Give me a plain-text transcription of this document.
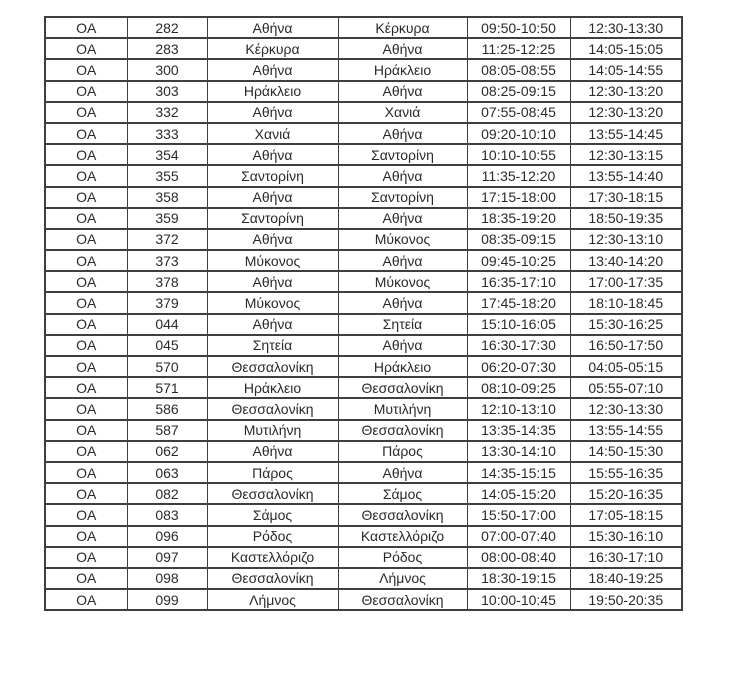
OA	282	Αθήνα	Κέρκυρα	09:50-10:50	12:30-13:30
OA	283	Κέρκυρα	Αθήνα	11:25-12:25	14:05-15:05
OA	300	Αθήνα	Ηράκλειο	08:05-08:55	14:05-14:55
OA	303	Ηράκλειο	Αθήνα	08:25-09:15	12:30-13:20
OA	332	Αθήνα	Χανιά	07:55-08:45	12:30-13:20
OA	333	Χανιά	Αθήνα	09:20-10:10	13:55-14:45
OA	354	Αθήνα	Σαντορίνη	10:10-10:55	12:30-13:15
OA	355	Σαντορίνη	Αθήνα	11:35-12:20	13:55-14:40
OA	358	Αθήνα	Σαντορίνη	17:15-18:00	17:30-18:15
OA	359	Σαντορίνη	Αθήνα	18:35-19:20	18:50-19:35
OA	372	Αθήνα	Μύκονος	08:35-09:15	12:30-13:10
OA	373	Μύκονος	Αθήνα	09:45-10:25	13:40-14:20
OA	378	Αθήνα	Μύκονος	16:35-17:10	17:00-17:35
OA	379	Μύκονος	Αθήνα	17:45-18:20	18:10-18:45
OA	044	Αθήνα	Σητεία	15:10-16:05	15:30-16:25
OA	045	Σητεία	Αθήνα	16:30-17:30	16:50-17:50
OA	570	Θεσσαλονίκη	Ηράκλειο	06:20-07:30	04:05-05:15
OA	571	Ηράκλειο	Θεσσαλονίκη	08:10-09:25	05:55-07:10
OA	586	Θεσσαλονίκη	Μυτιλήνη	12:10-13:10	12:30-13:30
OA	587	Μυτιλήνη	Θεσσαλονίκη	13:35-14:35	13:55-14:55
OA	062	Αθήνα	Πάρος	13:30-14:10	14:50-15:30
OA	063	Πάρος	Αθήνα	14:35-15:15	15:55-16:35
OA	082	Θεσσαλονίκη	Σάμος	14:05-15:20	15:20-16:35
OA	083	Σάμος	Θεσσαλονίκη	15:50-17:00	17:05-18:15
OA	096	Ρόδος	Καστελλόριζο	07:00-07:40	15:30-16:10
OA	097	Καστελλόριζο	Ρόδος	08:00-08:40	16:30-17:10
OA	098	Θεσσαλονίκη	Λήμνος	18:30-19:15	18:40-19:25
OA	099	Λήμνος	Θεσσαλονίκη	10:00-10:45	19:50-20:35
